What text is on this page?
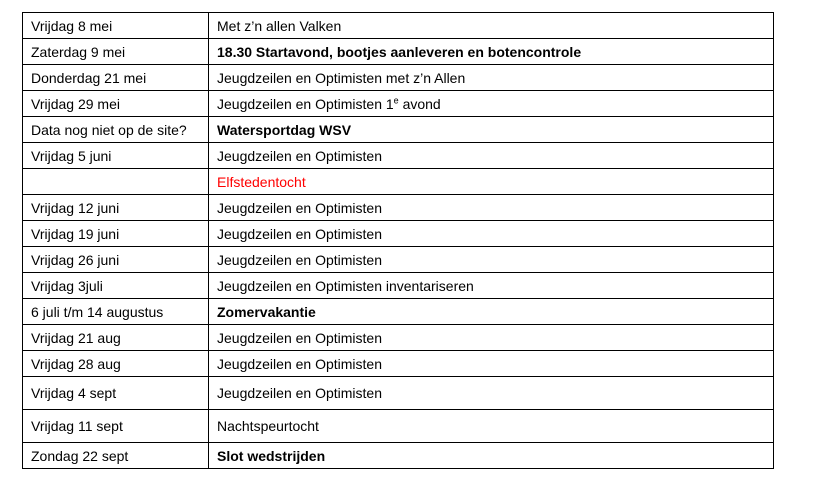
Vrijdag 8 mei	Met z’n allen Valken
Zaterdag 9 mei	18.30 Startavond, bootjes aanleveren en botencontrole
Donderdag 21 mei	Jeugdzeilen en Optimisten met z’n Allen
Vrijdag 29 mei	Jeugdzeilen en Optimisten 1e avond
Data nog niet op de site?	Watersportdag WSV
Vrijdag 5 juni	Jeugdzeilen en Optimisten
	Elfstedentocht
Vrijdag 12 juni	Jeugdzeilen en Optimisten
Vrijdag 19 juni	Jeugdzeilen en Optimisten
Vrijdag 26 juni	Jeugdzeilen en Optimisten
Vrijdag 3juli	Jeugdzeilen en Optimisten inventariseren
6 juli t/m 14 augustus	Zomervakantie
Vrijdag 21 aug	Jeugdzeilen en Optimisten
Vrijdag 28 aug	Jeugdzeilen en Optimisten
Vrijdag 4 sept	Jeugdzeilen en Optimisten
Vrijdag 11 sept	Nachtspeurtocht
Zondag 22 sept	Slot wedstrijden
